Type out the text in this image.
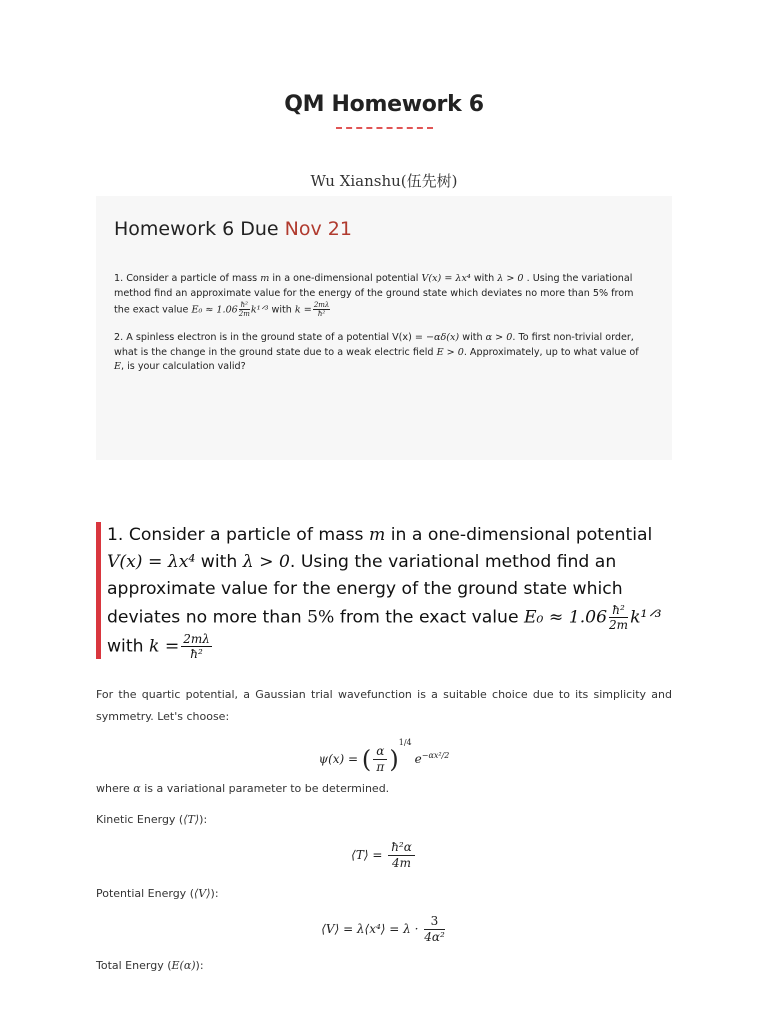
QM Homework 6
Wu Xianshu(伍先树)
Homework 6 Due Nov 21
1. Consider a particle of mass m in a one-dimensional potential V(x) = λx⁴ with λ > 0 . Using the variational method find an approximate value for the energy of the ground state which deviates no more than 5% from the exact value $E_0 \approx 1.06 \frac{\text{ħ²}}{2m}$ k¹ᐟ³ with $k = \frac{2m\lambda}{\text{ħ²}}$
2. A spinless electron is in the ground state of a potential V(x) = −αδ(x) with α > 0. To first non-trivial order, what is the change in the ground state due to a weak electric field E > 0. Approximately, up to what value of E, is your calculation valid?
1. Consider a particle of mass m in a one-dimensional potential V(x) = λx⁴ with λ > 0. Using the variational method find an approximate value for the energy of the ground state which deviates no more than 5% from the exact value $E_0 \approx 1.06 \frac{\text{ħ²}}{2m}$ k¹ᐟ³ with $k = \frac{2m\lambda}{\text{ħ²}}$
For the quartic potential, a Gaussian trial wavefunction is a suitable choice due to its simplicity and symmetry. Let's choose:
ψ(x) = ( $\frac{\alpha}{\pi} )^{1/4}e^{-\alpha x^2/2}$
where α is a variational parameter to be determined.
Kinetic Energy (⟨T⟩):
⟨T⟩ = $\frac{\text{ħ²α}}{4m}$
Potential Energy (⟨V⟩):
⟨V⟩ = λ⟨x⁴⟩ = $\lambda \cdot \frac{3}{\text{4α²}}$
Total Energy (E(α)):
